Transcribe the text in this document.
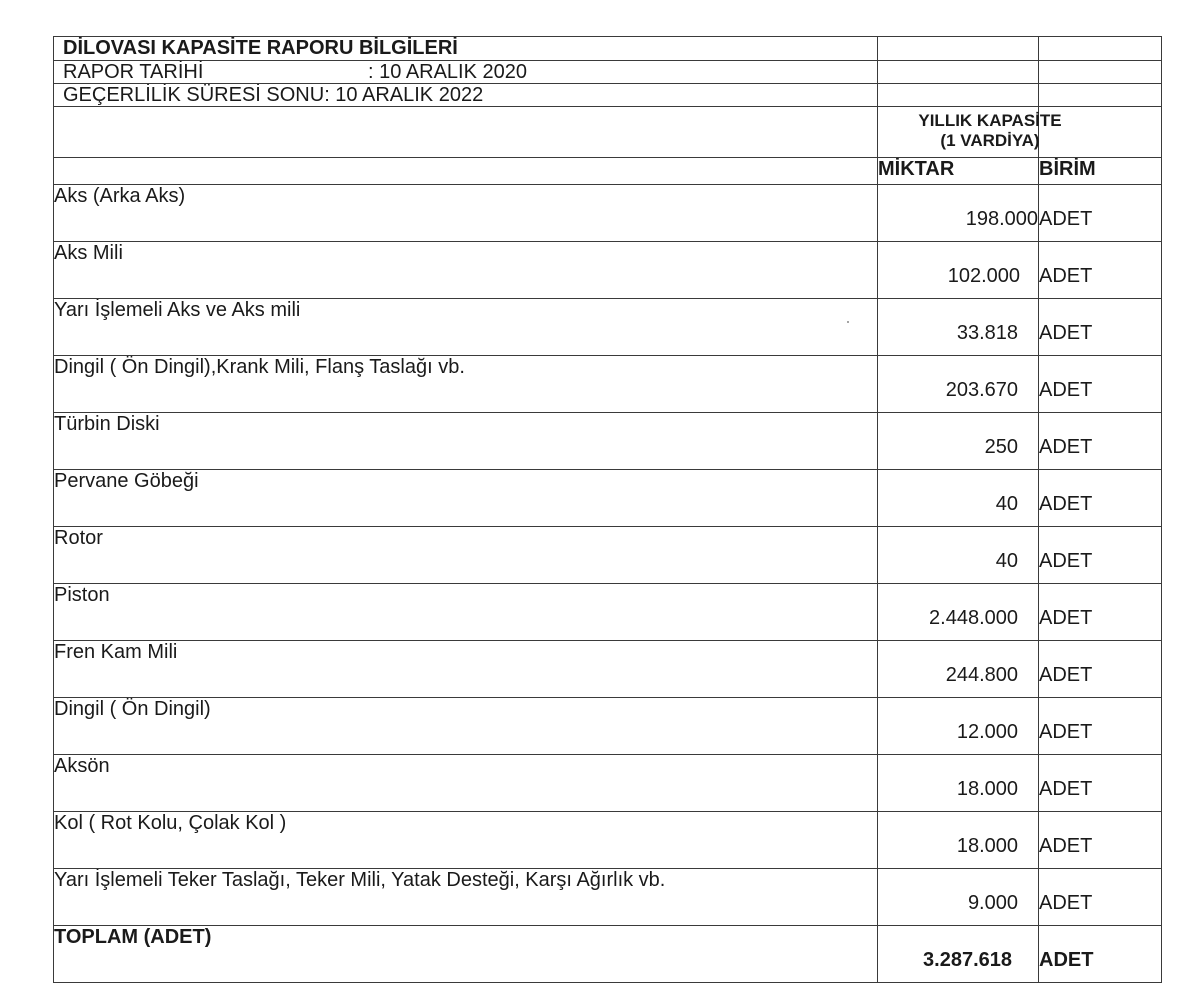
DİLOVASI KAPASİTE RAPORU BİLGİLERİ		
RAPOR TARİHİ : 10 ARALIK 2020		
GEÇERLİLİK SÜRESİ SONU: 10 ARALIK 2022		

	YILLIK KAPASİTE
(1 VARDİYA)	

	MİKTAR	BİRİM
Aks (Arka Aks)	198.000	ADET
Aks Mili	102.000	ADET
Yarı İşlemeli Aks ve Aks mili	33.818	ADET
Dingil ( Ön Dingil),Krank Mili, Flanş Taslağı vb.	203.670	ADET
Türbin Diski	250	ADET
Pervane Göbeği	40	ADET
Rotor	40	ADET
Piston	2.448.000	ADET
Fren Kam Mili	244.800	ADET
Dingil ( Ön Dingil)	12.000	ADET
Aksön	18.000	ADET
Kol ( Rot Kolu, Çolak Kol )	18.000	ADET
Yarı İşlemeli Teker Taslağı, Teker Mili, Yatak Desteği, Karşı Ağırlık vb.	9.000	ADET
TOPLAM (ADET)	3.287.618	ADET
